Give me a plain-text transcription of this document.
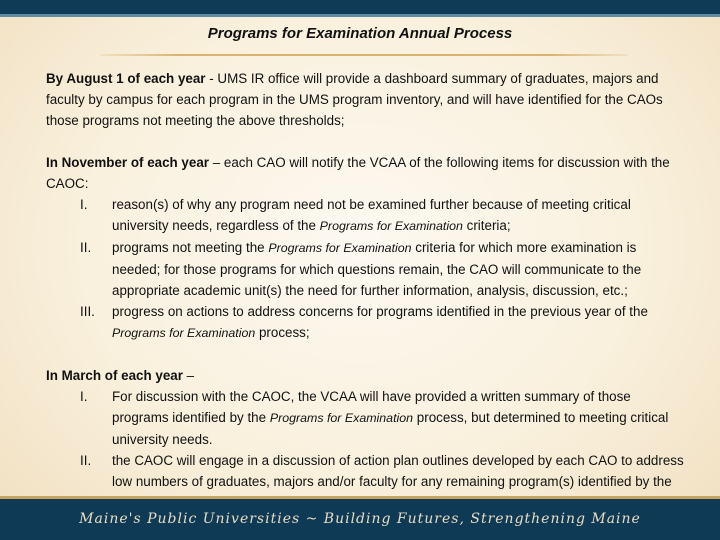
Programs for Examination Annual Process

By August 1 of each year - UMS IR office will provide a dashboard summary of graduates, majors and faculty by campus for each program in the UMS program inventory, and will have identified for the CAOs those programs not meeting the above thresholds;

In November of each year – each CAO will notify the VCAA of the following items for discussion with the CAOC:

I. reason(s) of why any program need not be examined further because of meeting critical university needs, regardless of the Programs for Examination criteria;
II. programs not meeting the Programs for Examination criteria for which more examination is needed; for those programs for which questions remain, the CAO will communicate to the appropriate academic unit(s) the need for further information, analysis, discussion, etc.;
III. progress on actions to address concerns for programs identified in the previous year of the Programs for Examination process;

In March of each year –

I. For discussion with the CAOC, the VCAA will have provided a written summary of those programs identified by the Programs for Examination process, but determined to meeting critical university needs.
II. the CAOC will engage in a discussion of action plan outlines developed by each CAO to address low numbers of graduates, majors and/or faculty for any remaining program(s) identified by the
Maine's Public Universities ~ Building Futures, Strengthening Maine
